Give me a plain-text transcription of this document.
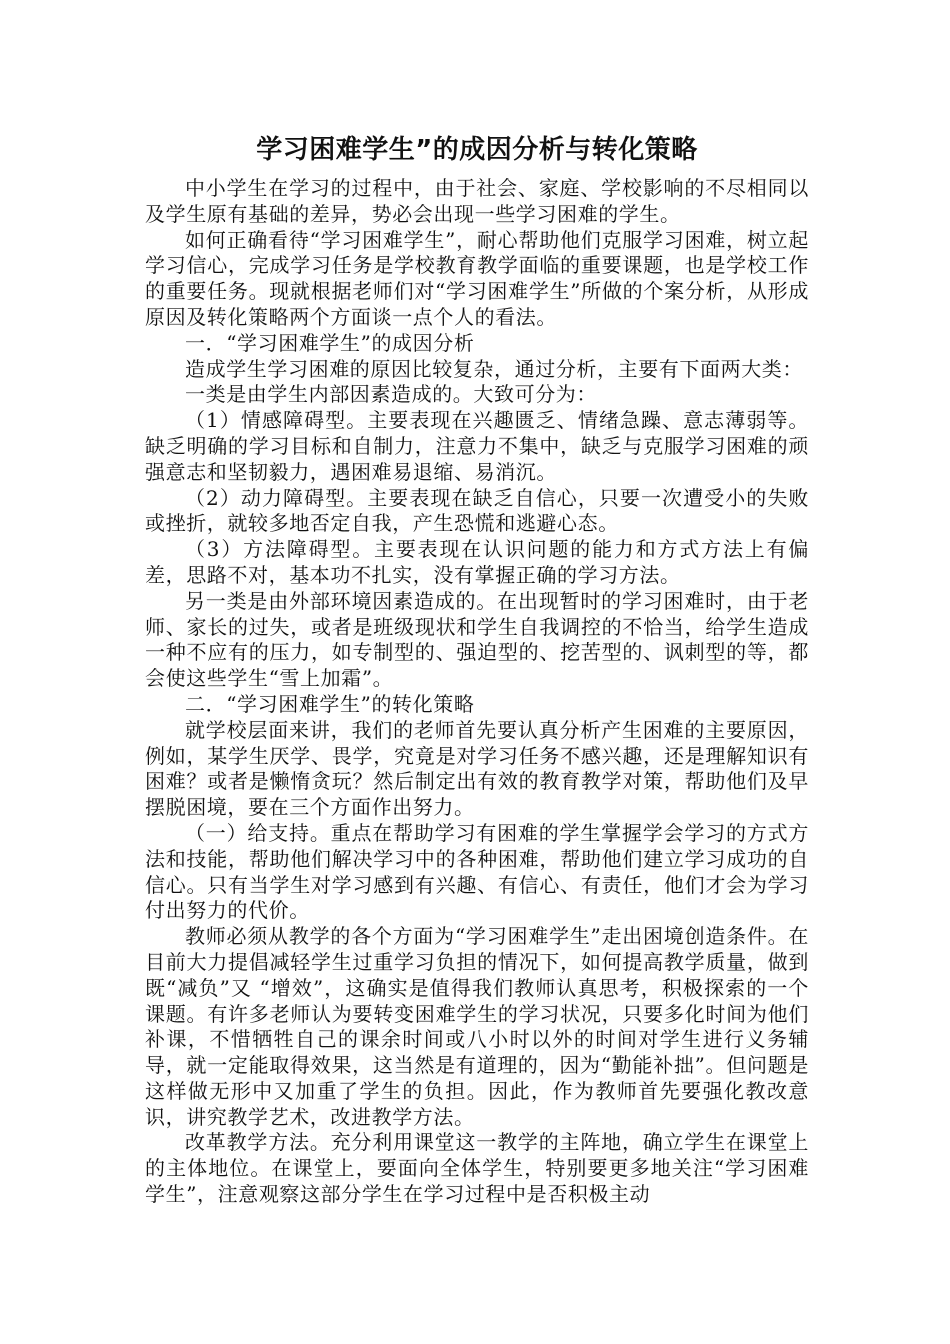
学习困难学生”的成因分析与转化策略

中小学生在学习的过程中，由于社会、家庭、学校影响的不尽相同以及学生原有基础的差异，势必会出现一些学习困难的学生。

如何正确看待“学习困难学生”，耐心帮助他们克服学习困难，树立起学习信心，完成学习任务是学校教育教学面临的重要课题，也是学校工作的重要任务。现就根据老师们对“学习困难学生”所做的个案分析，从形成原因及转化策略两个方面谈一点个人的看法。

一．“学习困难学生”的成因分析

造成学生学习困难的原因比较复杂，通过分析，主要有下面两大类：

一类是由学生内部因素造成的。大致可分为：

（1）情感障碍型。主要表现在兴趣匮乏、情绪急躁、意志薄弱等。缺乏明确的学习目标和自制力，注意力不集中，缺乏与克服学习困难的顽强意志和坚韧毅力，遇困难易退缩、易消沉。

（2）动力障碍型。主要表现在缺乏自信心，只要一次遭受小的失败或挫折，就较多地否定自我，产生恐慌和逃避心态。

（3）方法障碍型。主要表现在认识问题的能力和方式方法上有偏差，思路不对，基本功不扎实，没有掌握正确的学习方法。

另一类是由外部环境因素造成的。在出现暂时的学习困难时，由于老师、家长的过失，或者是班级现状和学生自我调控的不恰当，给学生造成一种不应有的压力，如专制型的、强迫型的、挖苦型的、讽刺型的等，都会使这些学生“雪上加霜”。

二．“学习困难学生”的转化策略

就学校层面来讲，我们的老师首先要认真分析产生困难的主要原因，例如，某学生厌学、畏学，究竟是对学习任务不感兴趣，还是理解知识有困难？或者是懒惰贪玩？然后制定出有效的教育教学对策，帮助他们及早摆脱困境，要在三个方面作出努力。

（一）给支持。重点在帮助学习有困难的学生掌握学会学习的方式方法和技能，帮助他们解决学习中的各种困难，帮助他们建立学习成功的自信心。只有当学生对学习感到有兴趣、有信心、有责任，他们才会为学习付出努力的代价。

教师必须从教学的各个方面为“学习困难学生”走出困境创造条件。在目前大力提倡减轻学生过重学习负担的情况下，如何提高教学质量，做到既“减负”又 “增效”，这确实是值得我们教师认真思考，积极探索的一个课题。有许多老师认为要转变困难学生的学习状况，只要多化时间为他们补课，不惜牺牲自己的课余时间或八小时以外的时间对学生进行义务辅导，就一定能取得效果，这当然是有道理的，因为“勤能补拙”。但问题是这样做无形中又加重了学生的负担。因此，作为教师首先要强化教改意识，讲究教学艺术，改进教学方法。

改革教学方法。充分利用课堂这一教学的主阵地，确立学生在课堂上的主体地位。在课堂上，要面向全体学生，特别要更多地关注“学习困难学生”，注意观察这部分学生在学习过程中是否积极主动
